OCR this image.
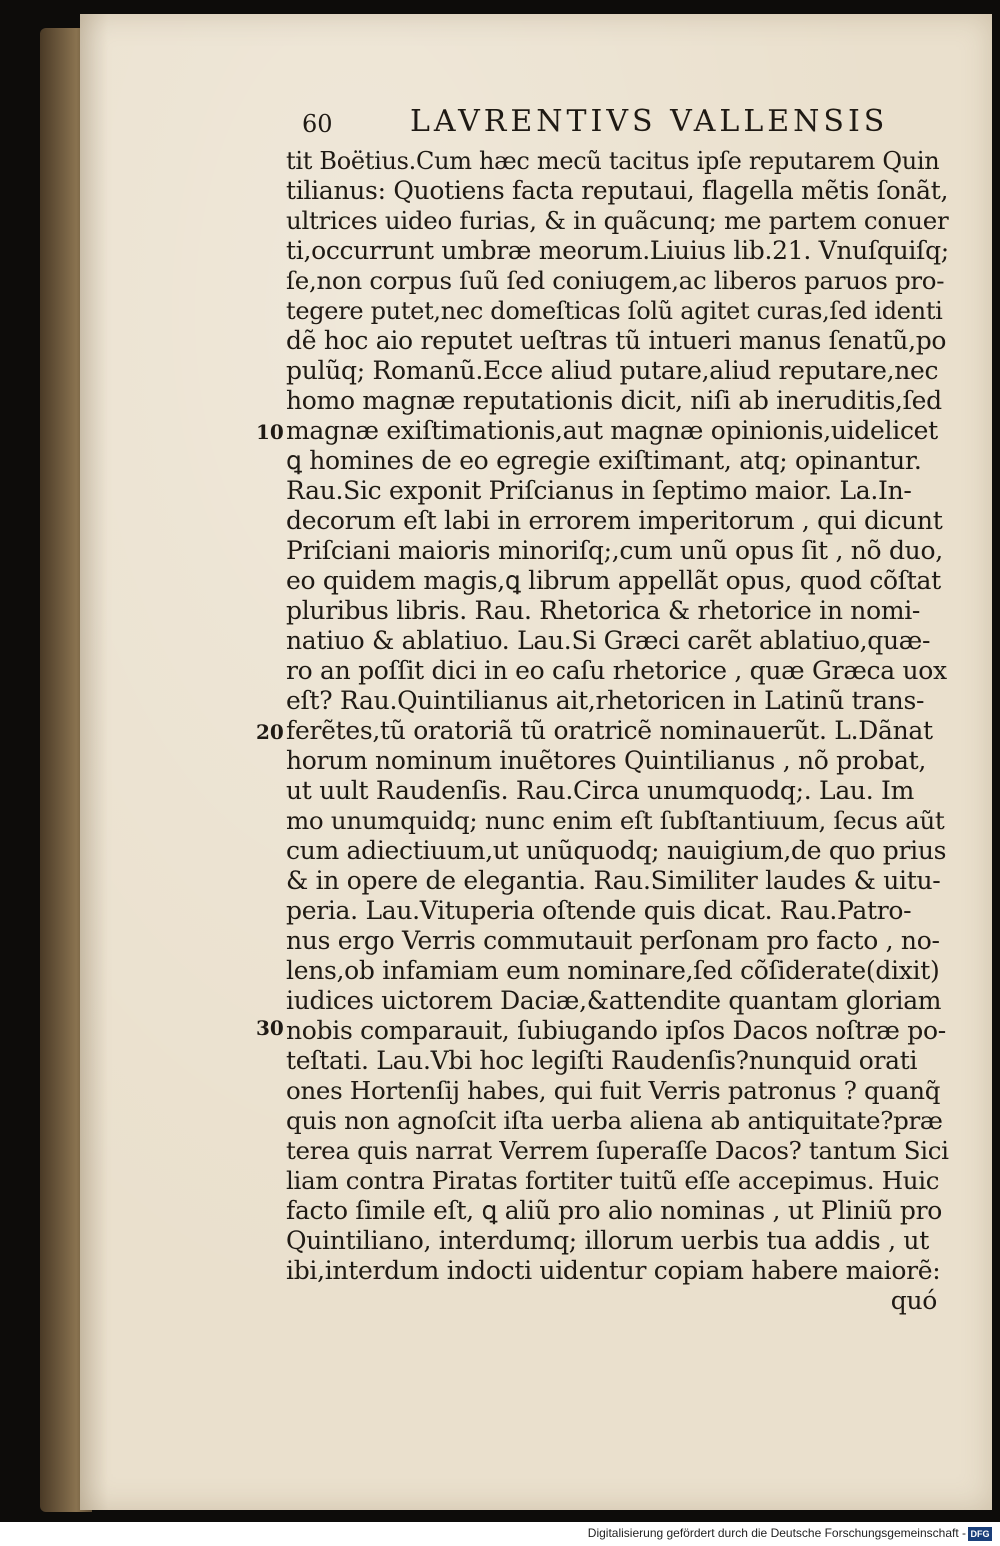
60	LAVRENTIVS VALLENSIS
10
20
30
tit Boëtius.Cum hæc mecũ tacitus ipſe reputarem Quin
tilianus: Quotiens facta reputaui, flagella mẽtis ſonãt,
ultrices uideo furias, & in quãcunq; me partem conuer
ti,occurrunt umbræ meorum.Liuius lib.21. Vnuſquiſq;
ſe,non corpus ſuũ ſed coniugem,ac liberos paruos pro-
tegere putet,nec domeſticas ſolũ agitet curas,ſed identi
dẽ hoc aio reputet ueſtras tũ intueri manus ſenatũ,po
pulũq; Romanũ.Ecce aliud putare,aliud reputare,nec
homo magnæ reputationis dicit, niſi ab ineruditis,ſed
magnæ exiſtimationis,aut magnæ opinionis,uidelicet
ꝗ homines de eo egregie exiſtimant, atq; opinantur.
Rau.Sic exponit Priſcianus in ſeptimo maior. La.In-
decorum eſt labi in errorem imperitorum , qui dicunt
Priſciani maioris minoriſq;,cum unũ opus ſit , nõ duo,
eo quidem magis,ꝗ librum appellãt opus, quod cõſtat
pluribus libris. Rau. Rhetorica & rhetorice in nomi-
natiuo & ablatiuo. Lau.Si Græci carẽt ablatiuo,quæ-
ro an poſſit dici in eo caſu rhetorice , quæ Græca uox
eſt? Rau.Quintilianus ait,rhetoricen in Latinũ trans-
ferẽtes,tũ oratoriã tũ oratricẽ nominauerũt. L.Dãnat
horum nominum inuẽtores Quintilianus , nõ probat,
ut uult Raudenſis. Rau.Circa unumquodq;. Lau. Im
mo unumquidq; nunc enim eſt ſubſtantiuum, ſecus aũt
cum adiectiuum,ut unũquodq; nauigium,de quo prius
& in opere de elegantia. Rau.Similiter laudes & uitu-
peria. Lau.Vituperia oſtende quis dicat. Rau.Patro-
nus ergo Verris commutauit perſonam pro facto , no-
lens,ob infamiam eum nominare,ſed cõſiderate(dixit)
iudices uictorem Daciæ,&attendite quantam gloriam
nobis comparauit, ſubiugando ipſos Dacos noſtræ po-
teſtati. Lau.Vbi hoc legiſti Raudenſis?nunquid orati
ones Hortenſij habes, qui fuit Verris patronus ? quanq̃
quis non agnoſcit iſta uerba aliena ab antiquitate?præ
terea quis narrat Verrem ſuperaſſe Dacos? tantum Sici
liam contra Piratas fortiter tuitũ eſſe accepimus. Huic
facto ſimile eſt, ꝗ aliũ pro alio nominas , ut Pliniũ pro
Quintiliano, interdumq; illorum uerbis tua addis , ut
ibi,interdum indocti uidentur copiam habere maiorẽ:
quó
Digitalisierung gefördert durch die Deutsche Forschungsgemeinschaft - DFG
